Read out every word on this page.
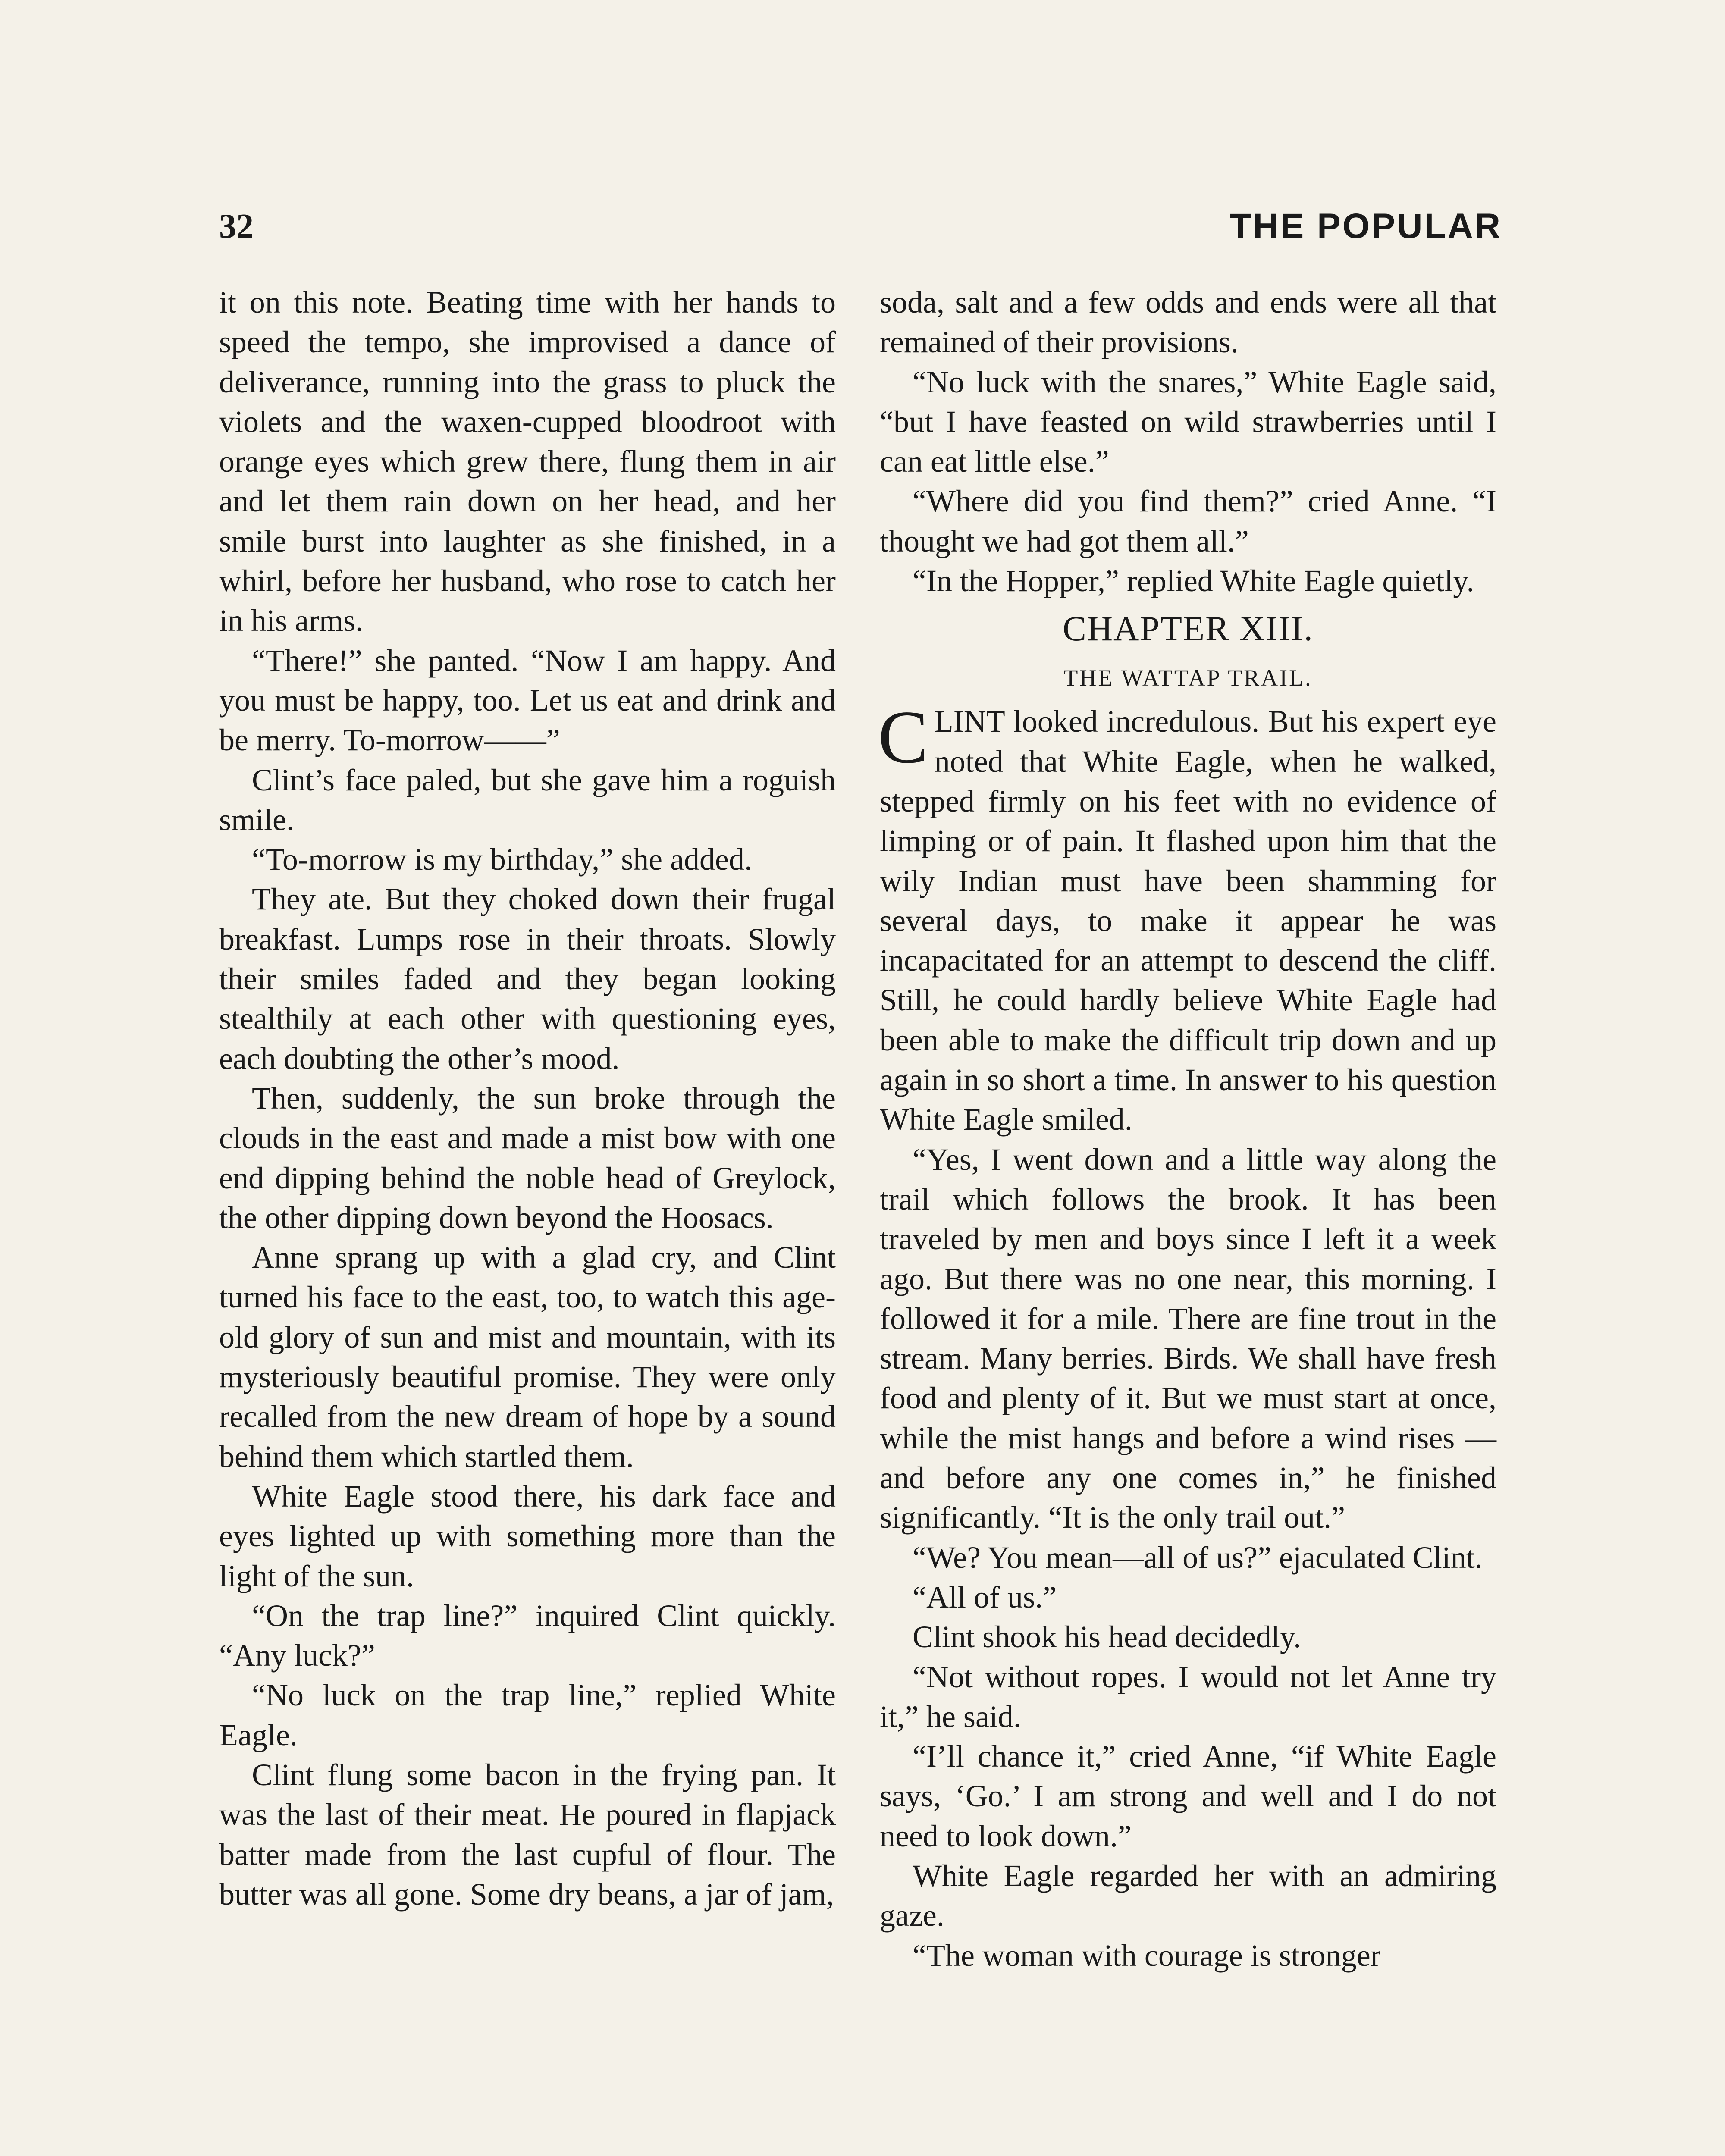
32	THE POPULAR

it on this note. Beating time with her hands to speed the tempo, she improvised a dance of deliverance, running into the grass to pluck the violets and the waxen-cupped bloodroot with orange eyes which grew there, flung them in air and let them rain down on her head, and her smile burst into laughter as she finished, in a whirl, before her husband, who rose to catch her in his arms.

“There!” she panted. “Now I am happy. And you must be happy, too. Let us eat and drink and be merry. To-morrow——”

Clint’s face paled, but she gave him a roguish smile.

“To-morrow is my birthday,” she added.

They ate. But they choked down their frugal breakfast. Lumps rose in their throats. Slowly their smiles faded and they began looking stealthily at each other with questioning eyes, each doubting the other’s mood.

Then, suddenly, the sun broke through the clouds in the east and made a mist bow with one end dipping behind the noble head of Greylock, the other dipping down beyond the Hoosacs.

Anne sprang up with a glad cry, and Clint turned his face to the east, too, to watch this age-old glory of sun and mist and mountain, with its mysteriously beautiful promise. They were only recalled from the new dream of hope by a sound behind them which startled them.

White Eagle stood there, his dark face and eyes lighted up with something more than the light of the sun.

“On the trap line?” inquired Clint quickly. “Any luck?”

“No luck on the trap line,” replied White Eagle.

Clint flung some bacon in the frying pan. It was the last of their meat. He poured in flapjack batter made from the last cupful of flour. The butter was all gone. Some dry beans, a jar of jam,

soda, salt and a few odds and ends were all that remained of their provisions.

“No luck with the snares,” White Eagle said, “but I have feasted on wild strawberries until I can eat little else.”

“Where did you find them?” cried Anne. “I thought we had got them all.”

“In the Hopper,” replied White Eagle quietly.

CHAPTER XIII.
THE WATTAP TRAIL.

C LINT looked incredulous. But his expert eye noted that White Eagle, when he walked, stepped firmly on his feet with no evidence of limping or of pain. It flashed upon him that the wily Indian must have been shamming for several days, to make it appear he was incapacitated for an attempt to descend the cliff. Still, he could hardly believe White Eagle had been able to make the difficult trip down and up again in so short a time. In answer to his question White Eagle smiled.

“Yes, I went down and a little way along the trail which follows the brook. It has been traveled by men and boys since I left it a week ago. But there was no one near, this morning. I followed it for a mile. There are fine trout in the stream. Many berries. Birds. We shall have fresh food and plenty of it. But we must start at once, while the mist hangs and before a wind rises —and before any one comes in,” he finished significantly. “It is the only trail out.”

“We? You mean—all of us?” ejaculated Clint.

“All of us.”

Clint shook his head decidedly.

“Not without ropes. I would not let Anne try it,” he said.

“I’ll chance it,” cried Anne, “if White Eagle says, ‘Go.’ I am strong and well and I do not need to look down.”

White Eagle regarded her with an admiring gaze.

“The woman with courage is stronger
